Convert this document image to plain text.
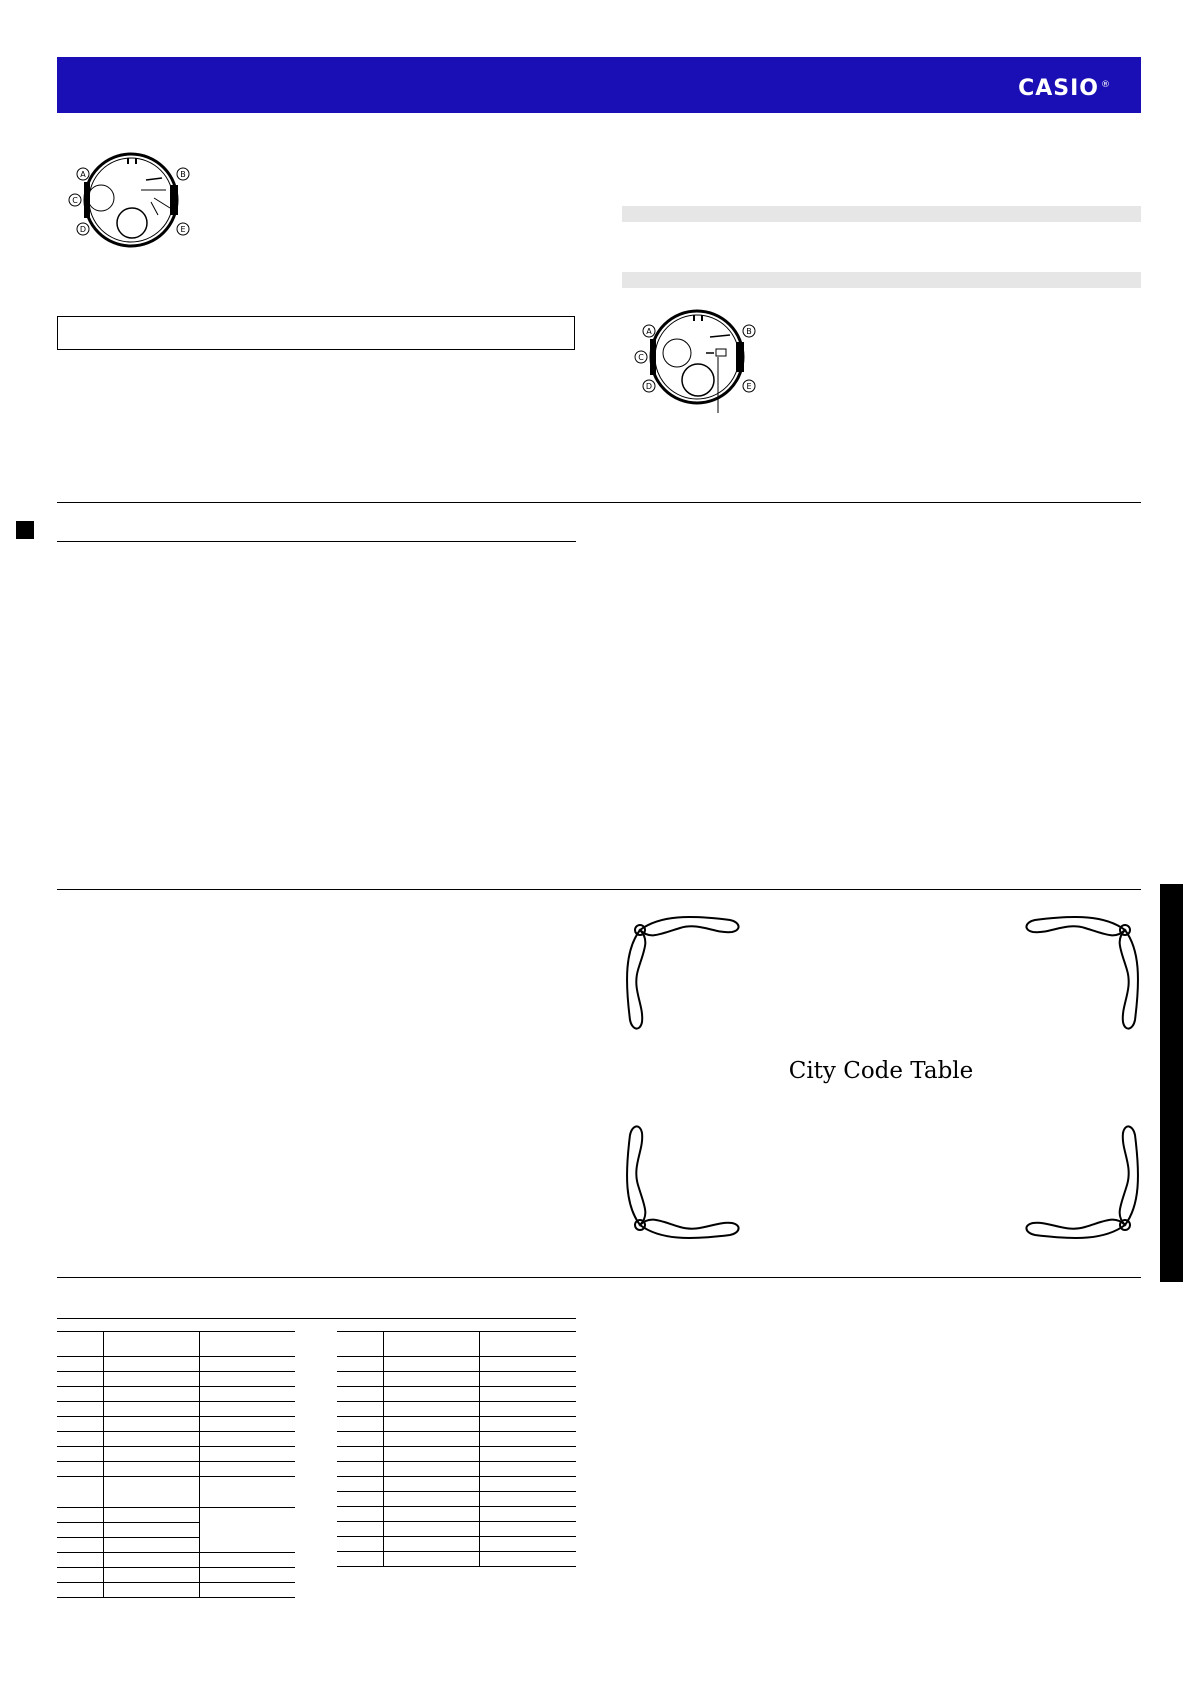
CASIO ®
A	B
C
D	E
A	B
C
D	E
City Code Table
